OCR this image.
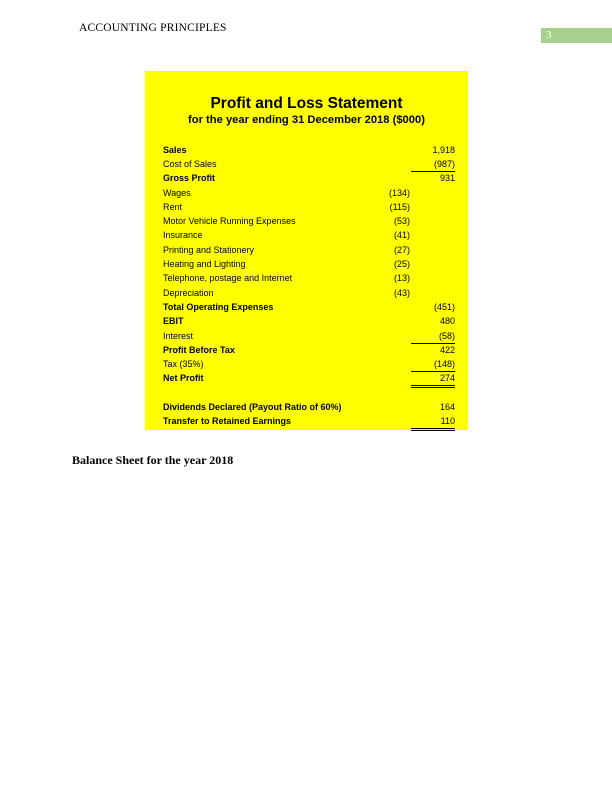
ACCOUNTING PRINCIPLES
3
Profit and Loss Statement
for the year ending 31 December 2018 ($000)
Sales	1,918
Cost of Sales	(987)
Gross Profit	931
Wages	(134)
Rent	(115)
Motor Vehicle Running Expenses	(53)
Insurance	(41)
Printing and Stationery	(27)
Heating and Lighting	(25)
Telephone, postage and Internet	(13)
Depreciation	(43)
Total Operating Expenses	(451)
EBIT	480
Interest	(58)
Profit Before Tax	422
Tax (35%)	(148)
Net Profit	274
Dividends Declared (Payout Ratio of 60%)	164
Transfer to Retained Earnings	110
Balance Sheet for the year 2018
